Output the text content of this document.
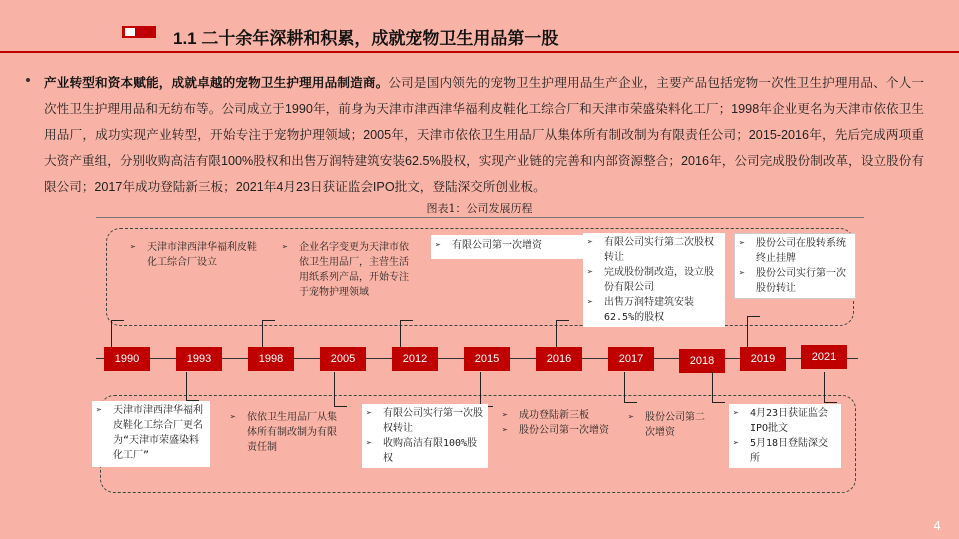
1.1 二十余年深耕和积累，成就宠物卫生用品第一股
产业转型和资本赋能，成就卓越的宠物卫生护理用品制造商。公司是国内领先的宠物卫生护理用品生产企业，主要产品包括宠物一次性卫生护理用品、个人一次性卫生护理用品和无纺布等。公司成立于1990年，前身为天津市津西津华福利皮鞋化工综合厂和天津市荣盛染料化工厂；1998年企业更名为天津市依依卫生用品厂，成功实现产业转型，开始专注于宠物护理领域；2005年，天津市依依卫生用品厂从集体所有制改制为有限责任公司；2015-2016年，先后完成两项重大资产重组，分别收购高洁有限100%股权和出售万润特建筑安装62.5%股权，实现产业链的完善和内部资源整合；2016年，公司完成股份制改革，设立股份有限公司；2017年成功登陆新三板；2021年4月23日获证监会IPO批文，登陆深交所创业板。
图表1：公司发展历程
1990	1993	1998	2005	2012	2015	2016	2017	2018	2019	2021
➢ 天津市津西津华福利皮鞋化工综合厂设立
➢ 企业名字变更为天津市依依卫生用品厂，主营生活用纸系列产品，开始专注于宠物护理领域
➢ 有限公司第一次增资
➢	有限公司实行第二次股权转让
➢ 完成股份制改造，设立股份有限公司
➢ 出售万润特建筑安装62.5%的股权
➢ 股份公司在股转系统终止挂牌
➢ 股份公司实行第一次股份转让
➢ 天津市津西津华福利皮鞋化工综合厂更名为“天津市荣盛染料化工厂”
➢ 依依卫生用品厂从集体所有制改制为有限责任制
➢ 有限公司实行第一次股权转让
➢ 收购高洁有限100%股权
➢ 成功登陆新三板
➢ 股份公司第一次增资
➢ 股份公司第二次增资
➢ 4月23日获证监会IPO批文
➢ 5月18日登陆深交所
4
